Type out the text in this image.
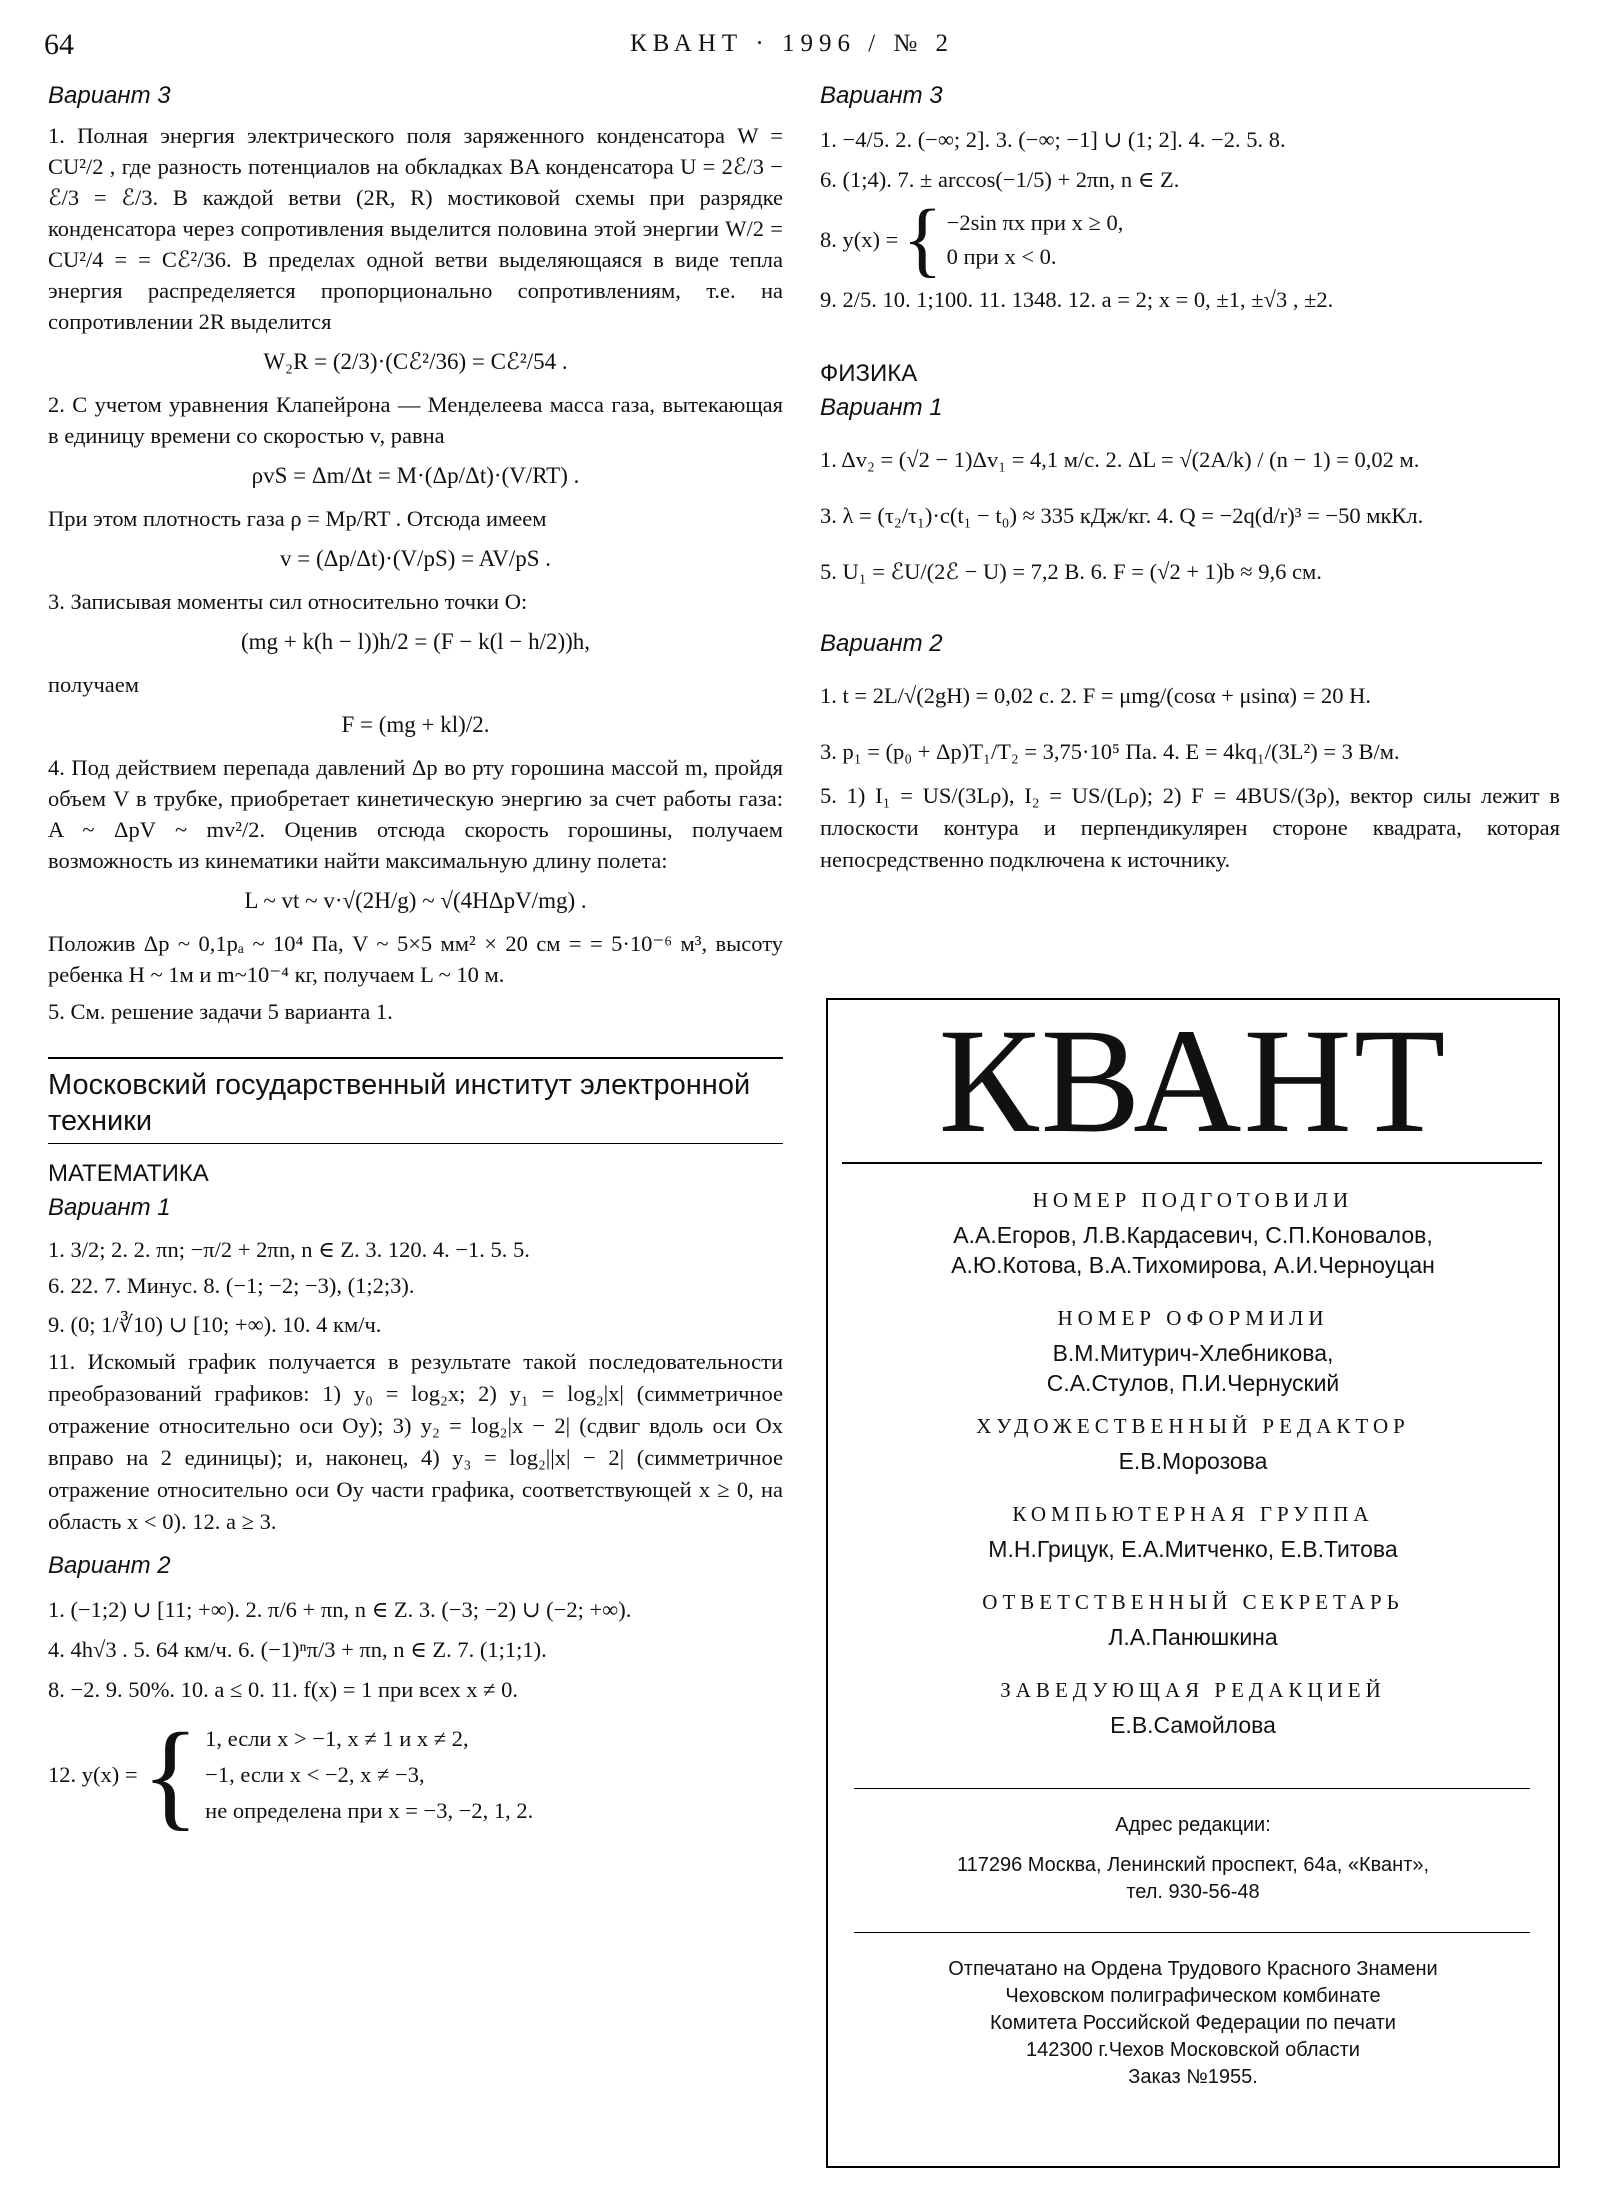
64	КВАНТ · 1996 / № 2
Вариант 3

1. Полная энергия электрического поля заряженного конденсатора W = CU²/2 , где разность потенциалов на обкладках BA конденсатора U = 2ℰ/3 − ℰ/3 = ℰ/3. В каждой ветви (2R, R) мостиковой схемы при разрядке конденсатора через сопротивления выделится половина этой энергии W/2 = CU²/4 = = Cℰ²/36. В пределах одной ветви выделяющаяся в виде тепла энергия распределяется пропорционально сопротивлениям, т.е. на сопротивлении 2R выделится

W₂R = (2/3)·(Cℰ²/36) = Cℰ²/54 .

2. С учетом уравнения Клапейрона — Менделеева масса газа, вытекающая в единицу времени со скоростью v, равна

ρvS = Δm/Δt = M·(Δp/Δt)·(V/RT) .

При этом плотность газа ρ = Mp/RT . Отсюда имеем

v = (Δp/Δt)·(V/pS) = AV/pS .

3. Записывая моменты сил относительно точки O:

(mg + k(h − l))h/2 = (F − k(l − h/2))h,

получаем

F = (mg + kl)/2.

4. Под действием перепада давлений Δp во рту горошина массой m, пройдя объем V в трубке, приобретает кинетическую энергию за счет работы газа: A ~ ΔpV ~ mv²/2. Оценив отсюда скорость горошины, получаем возможность из кинематики найти максимальную длину полета:

L ~ vt ~ v·√(2H/g) ~ √(4HΔpV/mg) .

Положив Δp ~ 0,1pₐ ~ 10⁴ Па, V ~ 5×5 мм² × 20 см = = 5·10⁻⁶ м³, высоту ребенка H ~ 1м и m~10⁻⁴ кг, получаем L ~ 10 м.

5. См. решение задачи 5 варианта 1.

Московский государственный институт электронной техники
МАТЕМАТИКА
Вариант 1

1. 3/2; 2. 2. πn; −π/2 + 2πn, n ∈ Z. 3. 120. 4. −1. 5. 5.

6. 22. 7. Минус. 8. (−1; −2; −3), (1;2;3).

9. (0; 1/∛10) ∪ [10; +∞). 10. 4 км/ч.

11. Искомый график получается в результате такой последовательности преобразований графиков: 1) y₀ = log₂x; 2) y₁ = log₂|x| (симметричное отражение относительно оси Oy); 3) y₂ = log₂|x − 2| (сдвиг вдоль оси Ox вправо на 2 единицы); и, наконец, 4) y₃ = log₂||x| − 2| (симметричное отражение относительно оси Oy части графика, соответствующей x ≥ 0, на область x < 0). 12. a ≥ 3.

Вариант 2

1. (−1;2) ∪ [11; +∞). 2. π/6 + πn, n ∈ Z. 3. (−3; −2) ∪ (−2; +∞).

4. 4h√3 . 5. 64 км/ч. 6. (−1)ⁿπ/3 + πn, n ∈ Z. 7. (1;1;1).

8. −2. 9. 50%. 10. a ≤ 0. 11. f(x) = 1 при всех x ≠ 0.

12. y(x) = { 1, если x > −1, x ≠ 1 и x ≠ 2,
−1, если x < −2, x ≠ −3,
не определена при x = −3, −2, 1, 2.
Вариант 3

1. −4/5. 2. (−∞; 2]. 3. (−∞; −1] ∪ (1; 2]. 4. −2. 5. 8.

6. (1;4). 7. ± arccos(−1/5) + 2πn, n ∈ Z.

8. y(x) = { −2sin πx при x ≥ 0,
0 при x < 0.

9. 2/5. 10. 1;100. 11. 1348. 12. a = 2; x = 0, ±1, ±√3 , ±2.

ФИЗИКА
Вариант 1

1. Δv₂ = (√2 − 1)Δv₁ = 4,1 м/с. 2. ΔL = √(2A/k) / (n − 1) = 0,02 м.

3. λ = (τ₂/τ₁)·c(t₁ − t₀) ≈ 335 кДж/кг. 4. Q = −2q(d/r)³ = −50 мкКл.

5. U₁ = ℰU/(2ℰ − U) = 7,2 В. 6. F = (√2 + 1)b ≈ 9,6 см.

Вариант 2

1. t = 2L/√(2gH) = 0,02 с. 2. F = μmg/(cosα + μsinα) = 20 Н.

3. p₁ = (p₀ + Δp)T₁/T₂ = 3,75·10⁵ Па. 4. E = 4kq₁/(3L²) = 3 В/м.

5. 1) I₁ = US/(3Lρ), I₂ = US/(Lρ); 2) F = 4BUS/(3ρ), вектор силы лежит в плоскости контура и перпендикулярен стороне квадрата, которая непосредственно подключена к источнику.

КВАНТ
НОМЕР ПОДГОТОВИЛИ
А.А.Егоров, Л.В.Кардасевич, С.П.Коновалов,
А.Ю.Котова, В.А.Тихомирова, А.И.Черноуцан
НОМЕР ОФОРМИЛИ
В.М.Митурич-Хлебникова,
С.А.Стулов, П.И.Чернуский
ХУДОЖЕСТВЕННЫЙ РЕДАКТОР
Е.В.Морозова
КОМПЬЮТЕРНАЯ ГРУППА
М.Н.Грицук, Е.А.Митченко, Е.В.Титова
ОТВЕТСТВЕННЫЙ СЕКРЕТАРЬ
Л.А.Панюшкина
ЗАВЕДУЮЩАЯ РЕДАКЦИЕЙ
Е.В.Самойлова
Адрес редакции:
117296 Москва, Ленинский проспект, 64а, «Квант»,
тел. 930-56-48
Отпечатано на Ордена Трудового Красного Знамени
Чеховском полиграфическом комбинате
Комитета Российской Федерации по печати
142300 г.Чехов Московской области
Заказ №1955.
